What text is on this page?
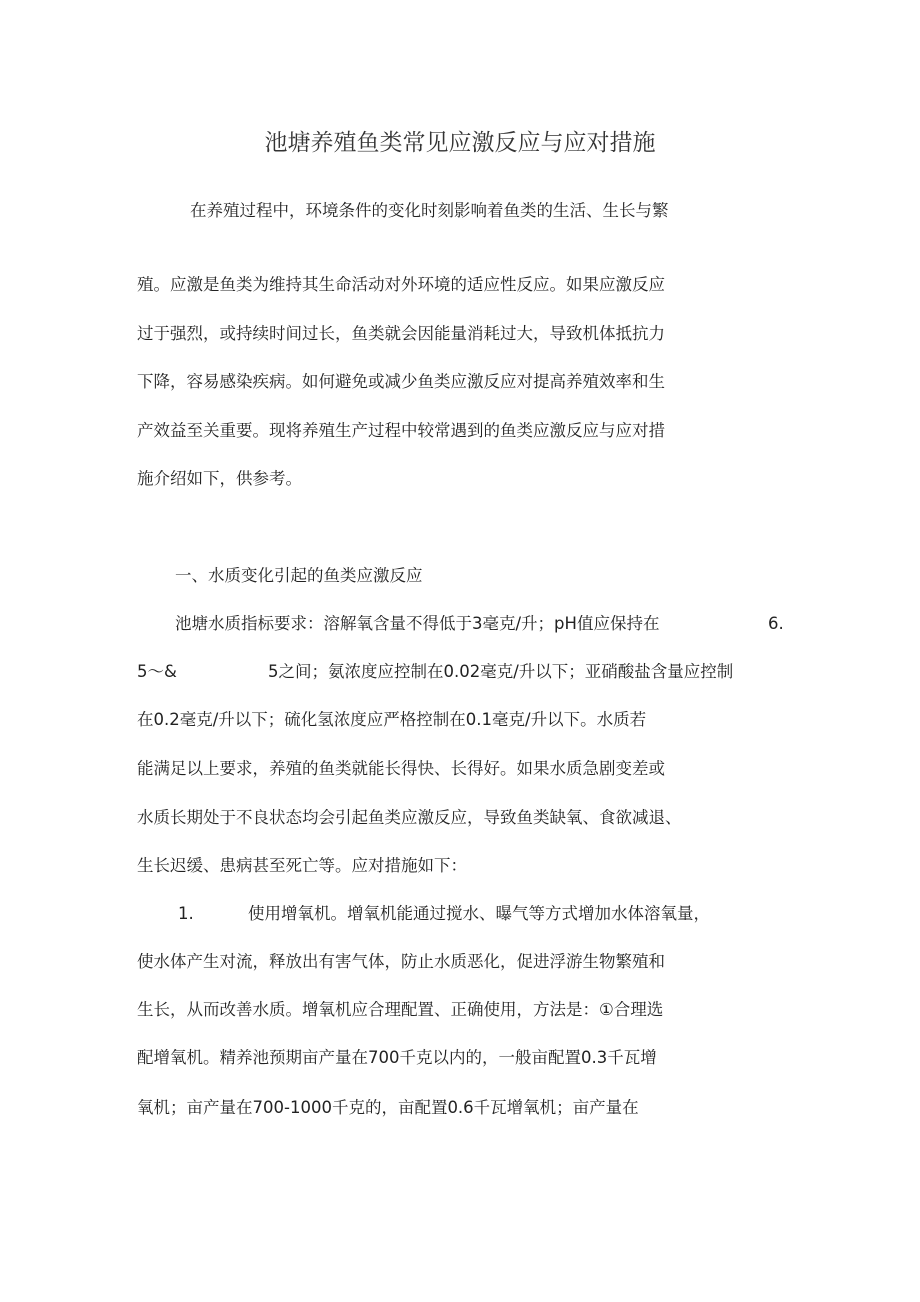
池塘养殖鱼类常见应激反应与应对措施
在养殖过程中，环境条件的变化时刻影响着鱼类的生活、生长与繁
殖。应激是鱼类为维持其生命活动对外环境的适应性反应。如果应激反应
过于强烈，或持续时间过长，鱼类就会因能量消耗过大，导致机体抵抗力
下降，容易感染疾病。如何避免或减少鱼类应激反应对提高养殖效率和生
产效益至关重要。现将养殖生产过程中较常遇到的鱼类应激反应与应对措
施介绍如下，供参考。
一、水质变化引起的鱼类应激反应
池塘水质指标要求：溶解氧含量不得低于3毫克/升；pH值应保持在	6.
5～&	5之间；氨浓度应控制在0.02毫克/升以下；亚硝酸盐含量应控制
在0.2毫克/升以下；硫化氢浓度应严格控制在0.1毫克/升以下。水质若
能满足以上要求，养殖的鱼类就能长得快、长得好。如果水质急剧变差或
水质长期处于不良状态均会引起鱼类应激反应，导致鱼类缺氧、食欲减退、
生长迟缓、患病甚至死亡等。应对措施如下：
1.	使用增氧机。增氧机能通过搅水、曝气等方式增加水体溶氧量，
使水体产生对流，释放出有害气体，防止水质恶化，促进浮游生物繁殖和
生长，从而改善水质。增氧机应合理配置、正确使用，方法是：①合理选
配增氧机。精养池预期亩产量在700千克以内的，一般亩配置0.3千瓦增
氧机；亩产量在700-1000千克的，亩配置0.6千瓦增氧机；亩产量在
